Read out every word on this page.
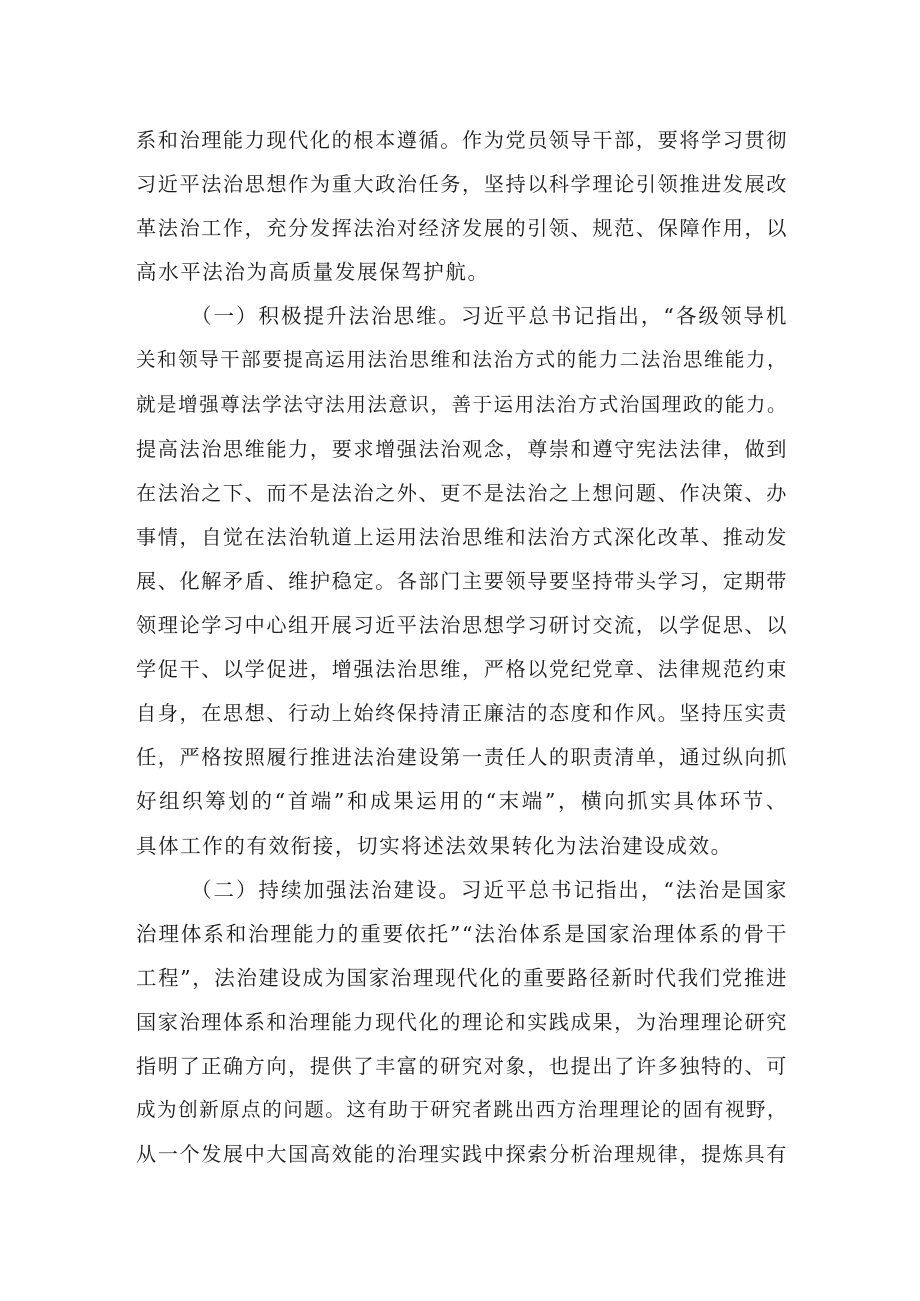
系和治理能力现代化的根本遵循。作为党员领导干部，要将学习贯彻
习近平法治思想作为重大政治任务，坚持以科学理论引领推进发展改
革法治工作，充分发挥法治对经济发展的引领、规范、保障作用，以
高水平法治为高质量发展保驾护航。
（一）积极提升法治思维。习近平总书记指出，“各级领导机
关和领导干部要提高运用法治思维和法治方式的能力二法治思维能力，
就是增强尊法学法守法用法意识，善于运用法治方式治国理政的能力。
提高法治思维能力，要求增强法治观念，尊崇和遵守宪法法律，做到
在法治之下、而不是法治之外、更不是法治之上想问题、作决策、办
事情，自觉在法治轨道上运用法治思维和法治方式深化改革、推动发
展、化解矛盾、维护稳定。各部门主要领导要坚持带头学习，定期带
领理论学习中心组开展习近平法治思想学习研讨交流，以学促思、以
学促干、以学促进，增强法治思维，严格以党纪党章、法律规范约束
自身，在思想、行动上始终保持清正廉洁的态度和作风。坚持压实责
任，严格按照履行推进法治建设第一责任人的职责清单，通过纵向抓
好组织筹划的“首端”和成果运用的“末端”，横向抓实具体环节、
具体工作的有效衔接，切实将述法效果转化为法治建设成效。
（二）持续加强法治建设。习近平总书记指出，“法治是国家
治理体系和治理能力的重要依托”“法治体系是国家治理体系的骨干
工程”，法治建设成为国家治理现代化的重要路径新时代我们党推进
国家治理体系和治理能力现代化的理论和实践成果，为治理理论研究
指明了正确方向，提供了丰富的研究对象，也提出了许多独特的、可
成为创新原点的问题。这有助于研究者跳出西方治理理论的固有视野，
从一个发展中大国高效能的治理实践中探索分析治理规律，提炼具有
